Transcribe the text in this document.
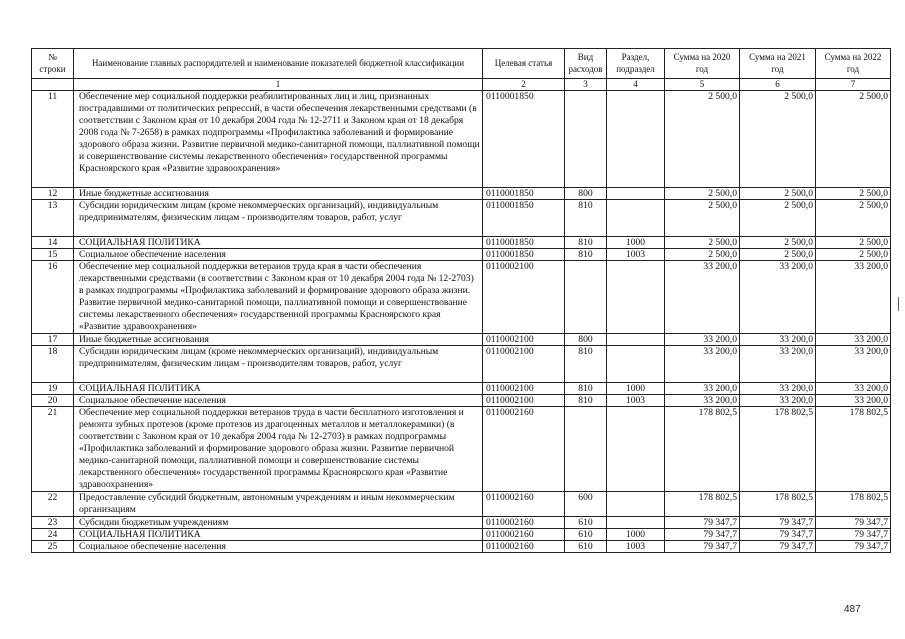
№ строки	Наименование главных распорядителей и наименование показателей бюджетной классификации	Целевая статья	Вид расходов	Раздел, подраздел	Сумма на 2020 год	Сумма на 2021 год	Сумма на 2022 год
	1	2	3	4	5	6	7
11	Обеспечение мер социальной поддержки реабилитированных лиц и лиц, признанных пострадавшими от политических репрессий, в части обеспечения лекарственными средствами (в соответствии с Законом края от 10 декабря 2004 года № 12-2711 и Законом края от 18 декабря 2008 года № 7-2658) в рамках подпрограммы «Профилактика заболеваний и формирование здорового образа жизни. Развитие первичной медико-санитарной помощи, паллиативной помощи и совершенствование системы лекарственного обеспечения» государственной программы Красноярского края «Развитие здравоохранения»	0110001850			2 500,0	2 500,0	2 500,0
12	Иные бюджетные ассигнования	0110001850	800		2 500,0	2 500,0	2 500,0
13	Субсидии юридическим лицам (кроме некоммерческих организаций), индивидуальным предпринимателям, физическим лицам - производителям товаров, работ, услуг	0110001850	810		2 500,0	2 500,0	2 500,0
14	СОЦИАЛЬНАЯ ПОЛИТИКА	0110001850	810	1000	2 500,0	2 500,0	2 500,0
15	Социальное обеспечение населения	0110001850	810	1003	2 500,0	2 500,0	2 500,0
16	Обеспечение мер социальной поддержки ветеранов труда края в части обеспечения лекарственными средствами (в соответствии с Законом края от 10 декабря 2004 года № 12-2703) в рамках подпрограммы «Профилактика заболеваний и формирование здорового образа жизни. Развитие первичной медико-санитарной помощи, паллиативной помощи и совершенствование системы лекарственного обеспечения» государственной программы Красноярского края «Развитие здравоохранения»	0110002100			33 200,0	33 200,0	33 200,0
17	Иные бюджетные ассигнования	0110002100	800		33 200,0	33 200,0	33 200,0
18	Субсидии юридическим лицам (кроме некоммерческих организаций), индивидуальным предпринимателям, физическим лицам - производителям товаров, работ, услуг	0110002100	810		33 200,0	33 200,0	33 200,0
19	СОЦИАЛЬНАЯ ПОЛИТИКА	0110002100	810	1000	33 200,0	33 200,0	33 200,0
20	Социальное обеспечение населения	0110002100	810	1003	33 200,0	33 200,0	33 200,0
21	Обеспечение мер социальной поддержки ветеранов труда в части бесплатного изготовления и ремонта зубных протезов (кроме протезов из драгоценных металлов и металлокерамики) (в соответствии с Законом края от 10 декабря 2004 года № 12-2703) в рамках подпрограммы «Профилактика заболеваний и формирование здорового образа жизни. Развитие первичной медико-санитарной помощи, паллиативной помощи и совершенствование системы лекарственного обеспечения» государственной программы Красноярского края «Развитие здравоохранения»	0110002160			178 802,5	178 802,5	178 802,5
22	Предоставление субсидий бюджетным, автономным учреждениям и иным некоммерческим организациям	0110002160	600		178 802,5	178 802,5	178 802,5
23	Субсидии бюджетным учреждениям	0110002160	610		79 347,7	79 347,7	79 347,7
24	СОЦИАЛЬНАЯ ПОЛИТИКА	0110002160	610	1000	79 347,7	79 347,7	79 347,7
25	Социальное обеспечение населения	0110002160	610	1003	79 347,7	79 347,7	79 347,7
487
